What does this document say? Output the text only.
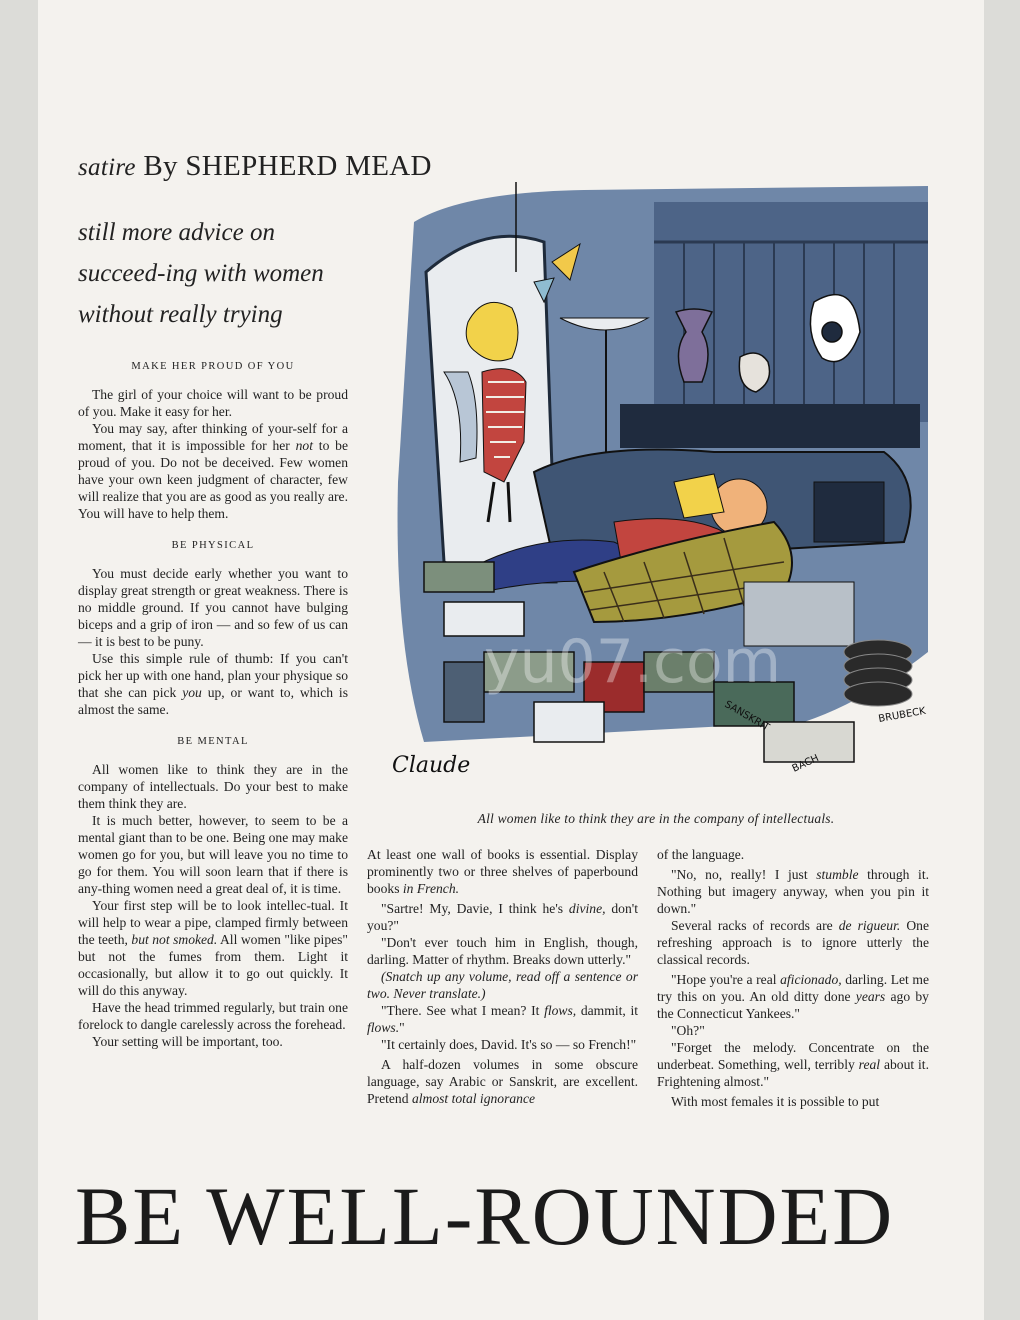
satire By SHEPHERD MEAD
still more advice on succeed-ing with women without really trying

MAKE HER PROUD OF YOU

The girl of your choice will want to be proud of you. Make it easy for her.

You may say, after thinking of your-self for a moment, that it is impossible for her not to be proud of you. Do not be deceived. Few women have your own keen judgment of character, few will realize that you are as good as you really are. You will have to help them.

BE PHYSICAL

You must decide early whether you want to display great strength or great weakness. There is no middle ground. If you cannot have bulging biceps and a grip of iron — and so few of us can — it is best to be puny.

Use this simple rule of thumb: If you can't pick her up with one hand, plan your physique so that she can pick you up, or want to, which is almost the same.

BE MENTAL

All women like to think they are in the company of intellectuals. Do your best to make them think they are.

It is much better, however, to seem to be a mental giant than to be one. Being one may make women go for you, but will leave you no time to go for them. You will soon learn that if there is any-thing women need a great deal of, it is time.

Your first step will be to look intellec-tual. It will help to wear a pipe, clamped firmly between the teeth, but not smoked. All women "like pipes" but not the fumes from them. Light it occasionally, but allow it to go out quickly. It will do this anyway.

Have the head trimmed regularly, but train one forelock to dangle carelessly across the forehead.

Your setting will be important, too.

BRUBECK
BACH
SANSKRIT
Claude
yu07.com
All women like to think they are in the company of intellectuals.

At least one wall of books is essential. Display prominently two or three shelves of paperbound books in French.

"Sartre! My, Davie, I think he's divine, don't you?"

"Don't ever touch him in English, though, darling. Matter of rhythm. Breaks down utterly."

(Snatch up any volume, read off a sentence or two. Never translate.)

"There. See what I mean? It flows, dammit, it flows."

"It certainly does, David. It's so — so French!"

A half-dozen volumes in some obscure language, say Arabic or Sanskrit, are excellent. Pretend almost total ignorance

of the language.

"No, no, really! I just stumble through it. Nothing but imagery anyway, when you pin it down."

Several racks of records are de rigueur. One refreshing approach is to ignore utterly the classical records.

"Hope you're a real aficionado, darling. Let me try this on you. An old ditty done years ago by the Connecticut Yankees."

"Oh?"

"Forget the melody. Concentrate on the underbeat. Something, well, terribly real about it. Frightening almost."

With most females it is possible to put

BE WELL-ROUNDED
